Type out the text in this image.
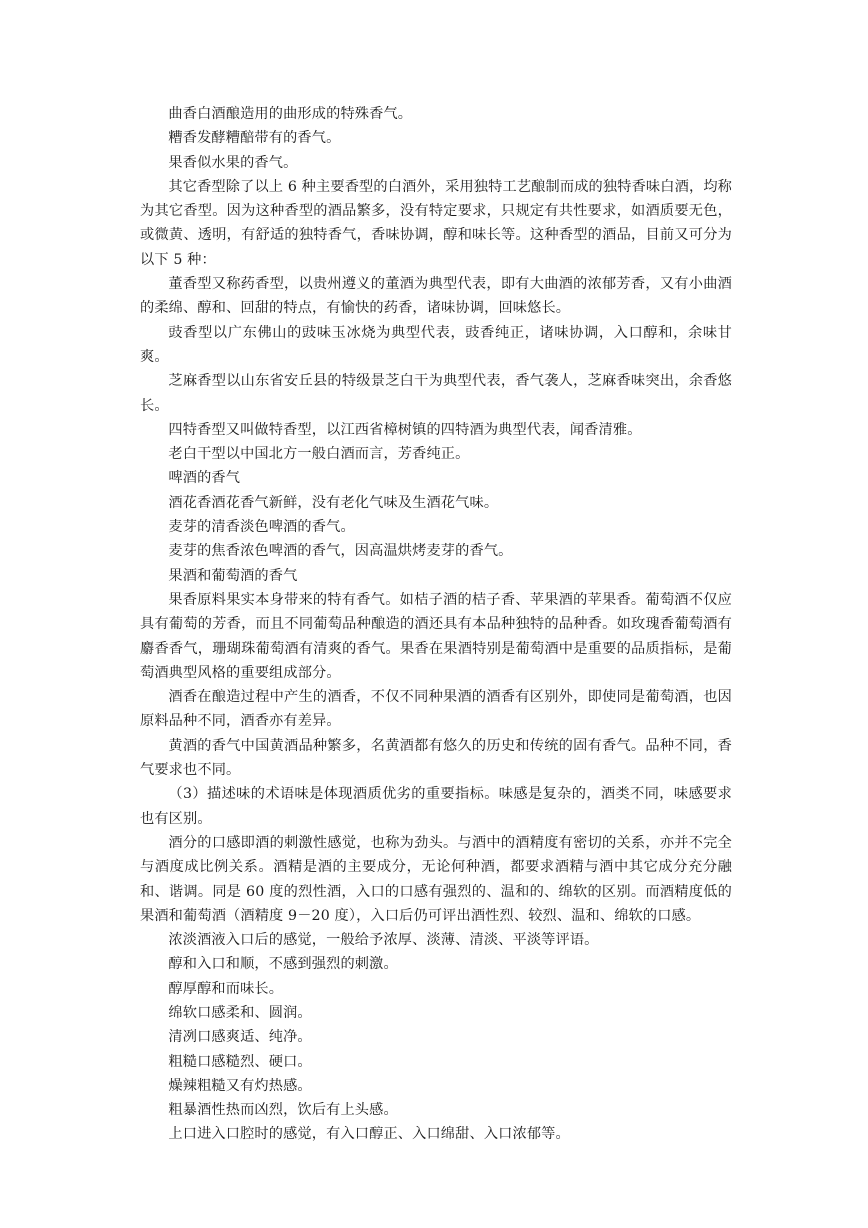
曲香白酒酿造用的曲形成的特殊香气。

糟香发酵糟醅带有的香气。

果香似水果的香气。

其它香型除了以上 6 种主要香型的白酒外，采用独特工艺酿制而成的独特香味白酒，均称为其它香型。因为这种香型的酒品繁多，没有特定要求，只规定有共性要求，如酒质要无色，或微黄、透明，有舒适的独特香气，香味协调，醇和味长等。这种香型的酒品，目前又可分为以下 5 种：

董香型又称药香型，以贵州遵义的董酒为典型代表，即有大曲酒的浓郁芳香，又有小曲酒的柔绵、醇和、回甜的特点，有愉快的药香，诸味协调，回味悠长。

豉香型以广东佛山的豉味玉冰烧为典型代表，豉香纯正，诸味协调，入口醇和，余味甘爽。

芝麻香型以山东省安丘县的特级景芝白干为典型代表，香气袭人，芝麻香味突出，余香悠长。

四特香型又叫做特香型，以江西省樟树镇的四特酒为典型代表，闻香清雅。

老白干型以中国北方一般白酒而言，芳香纯正。

啤酒的香气

酒花香酒花香气新鲜，没有老化气味及生酒花气味。

麦芽的清香淡色啤酒的香气。

麦芽的焦香浓色啤酒的香气，因高温烘烤麦芽的香气。

果酒和葡萄酒的香气

果香原料果实本身带来的特有香气。如桔子酒的桔子香、苹果酒的苹果香。葡萄酒不仅应具有葡萄的芳香，而且不同葡萄品种酿造的酒还具有本品种独特的品种香。如玫瑰香葡萄酒有麝香香气，珊瑚珠葡萄酒有清爽的香气。果香在果酒特别是葡萄酒中是重要的品质指标，是葡萄酒典型风格的重要组成部分。

酒香在酿造过程中产生的酒香，不仅不同种果酒的酒香有区别外，即使同是葡萄酒，也因原料品种不同，酒香亦有差异。

黄酒的香气中国黄酒品种繁多，名黄酒都有悠久的历史和传统的固有香气。品种不同，香气要求也不同。

（3）描述味的术语味是体现酒质优劣的重要指标。味感是复杂的，酒类不同，味感要求也有区别。

酒分的口感即酒的刺激性感觉，也称为劲头。与酒中的酒精度有密切的关系，亦并不完全与酒度成比例关系。酒精是酒的主要成分，无论何种酒，都要求酒精与酒中其它成分充分融和、谐调。同是 60 度的烈性酒，入口的口感有强烈的、温和的、绵软的区别。而酒精度低的果酒和葡萄酒（酒精度 9－20 度），入口后仍可评出酒性烈、较烈、温和、绵软的口感。

浓淡酒液入口后的感觉，一般给予浓厚、淡薄、清淡、平淡等评语。

醇和入口和顺，不感到强烈的刺激。

醇厚醇和而味长。

绵软口感柔和、圆润。

清冽口感爽适、纯净。

粗糙口感糙烈、硬口。

燥辣粗糙又有灼热感。

粗暴酒性热而凶烈，饮后有上头感。

上口进入口腔时的感觉，有入口醇正、入口绵甜、入口浓郁等。
